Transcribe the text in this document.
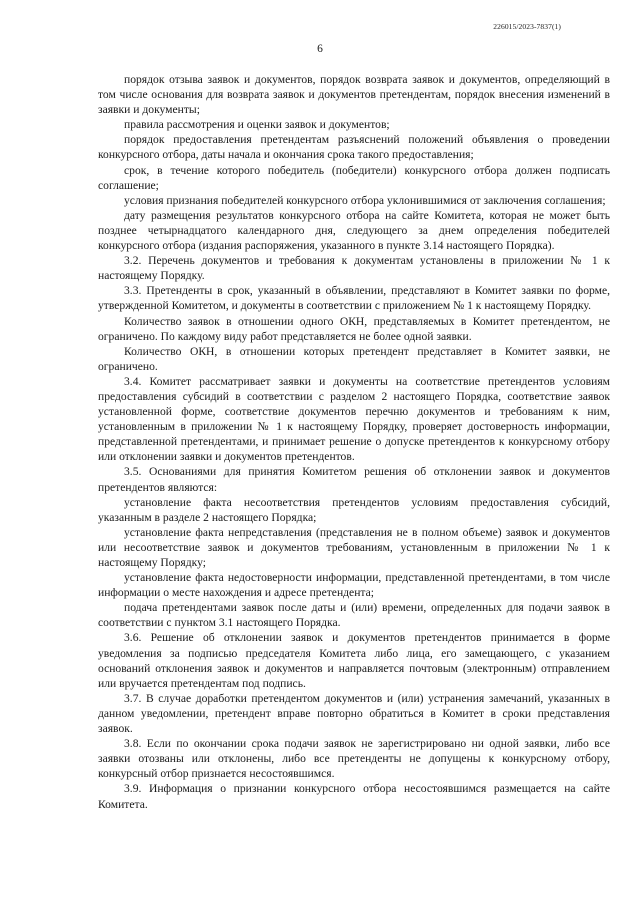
226015/2023-7837(1)
6

порядок отзыва заявок и документов, порядок возврата заявок и документов, определяющий в том числе основания для возврата заявок и документов претендентам, порядок внесения изменений в заявки и документы;

правила рассмотрения и оценки заявок и документов;

порядок предоставления претендентам разъяснений положений объявления о проведении конкурсного отбора, даты начала и окончания срока такого предоставления;

срок, в течение которого победитель (победители) конкурсного отбора должен подписать соглашение;

условия признания победителей конкурсного отбора уклонившимися от заключения соглашения;

дату размещения результатов конкурсного отбора на сайте Комитета, которая не может быть позднее четырнадцатого календарного дня, следующего за днем определения победителей конкурсного отбора (издания распоряжения, указанного в пункте 3.14 настоящего Порядка).

3.2. Перечень документов и требования к документам установлены в приложении № 1 к настоящему Порядку.

3.3. Претенденты в срок, указанный в объявлении, представляют в Комитет заявки по форме, утвержденной Комитетом, и документы в соответствии с приложением № 1 к настоящему Порядку.

Количество заявок в отношении одного ОКН, представляемых в Комитет претендентом, не ограничено. По каждому виду работ представляется не более одной заявки.

Количество ОКН, в отношении которых претендент представляет в Комитет заявки, не ограничено.

3.4. Комитет рассматривает заявки и документы на соответствие претендентов условиям предоставления субсидий в соответствии с разделом 2 настоящего Порядка, соответствие заявок установленной форме, соответствие документов перечню документов и требованиям к ним, установленным в приложении № 1 к настоящему Порядку, проверяет достоверность информации, представленной претендентами, и принимает решение о допуске претендентов к конкурсному отбору или отклонении заявки и документов претендентов.

3.5. Основаниями для принятия Комитетом решения об отклонении заявок и документов претендентов являются:

установление факта несоответствия претендентов условиям предоставления субсидий, указанным в разделе 2 настоящего Порядка;

установление факта непредставления (представления не в полном объеме) заявок и документов или несоответствие заявок и документов требованиям, установленным в приложении № 1 к настоящему Порядку;

установление факта недостоверности информации, представленной претендентами, в том числе информации о месте нахождения и адресе претендента;

подача претендентами заявок после даты и (или) времени, определенных для подачи заявок в соответствии с пунктом 3.1 настоящего Порядка.

3.6. Решение об отклонении заявок и документов претендентов принимается в форме уведомления за подписью председателя Комитета либо лица, его замещающего, с указанием оснований отклонения заявок и документов и направляется почтовым (электронным) отправлением или вручается претендентам под подпись.

3.7. В случае доработки претендентом документов и (или) устранения замечаний, указанных в данном уведомлении, претендент вправе повторно обратиться в Комитет в сроки представления заявок.

3.8. Если по окончании срока подачи заявок не зарегистрировано ни одной заявки, либо все заявки отозваны или отклонены, либо все претенденты не допущены к конкурсному отбору, конкурсный отбор признается несостоявшимся.

3.9. Информация о признании конкурсного отбора несостоявшимся размещается на сайте Комитета.
